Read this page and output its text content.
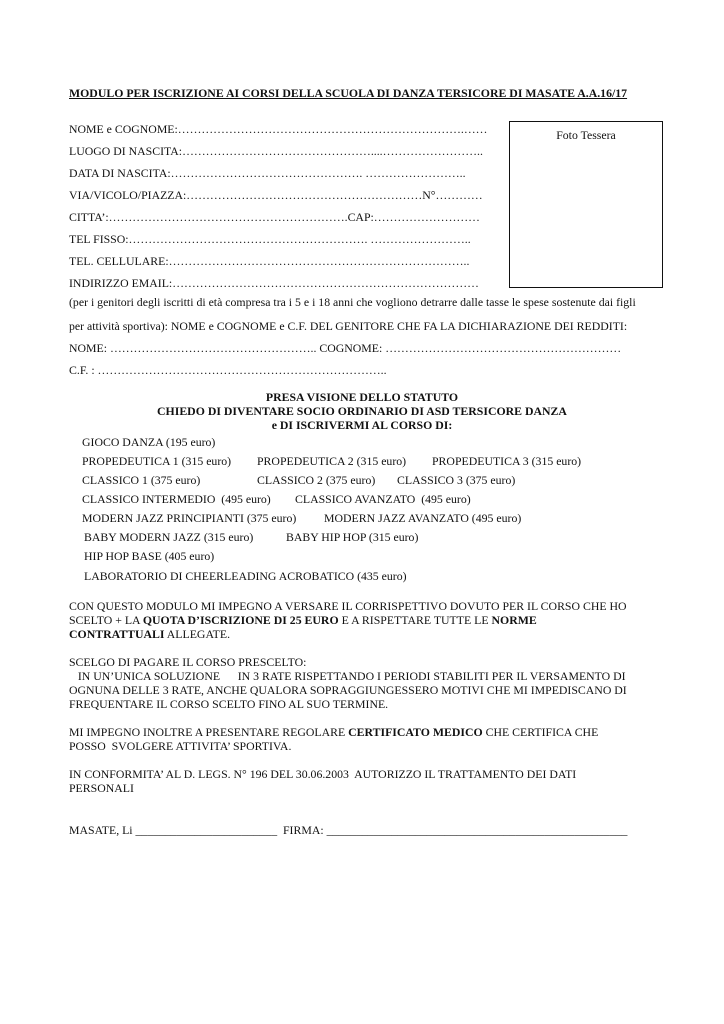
MODULO PER ISCRIZIONE AI CORSI DELLA SCUOLA DI DANZA TERSICORE DI MASATE A.A.16/17
Foto Tessera
NOME e COGNOME:……………………………………………………………….……
LUOGO DI NASCITA:…………………………………………....……………………..
DATA DI NASCITA:…………………………………………. ……………………..
VIA/VICOLO/PIAZZA:……………………………………………………N°…………
CITTA’:…………………………………………………….CAP:………………………
TEL FISSO:……………………………………………………. ……………………..
TEL. CELLULARE:…………………………………………………………………..
INDIRIZZO EMAIL:……………………………………………………………………
(per i genitori degli iscritti di età compresa tra i 5 e i 18 anni che vogliono detrarre dalle tasse le spese sostenute dai figli
per attività sportiva): NOME e COGNOME e C.F. DEL GENITORE CHE FA LA DICHIARAZIONE DEI REDDITI:
NOME: …………………………………………….. COGNOME: ……………………………………………………
C.F. : ………………………………………………………………..
PRESA VISIONE DELLO STATUTO
CHIEDO DI DIVENTARE SOCIO ORDINARIO DI ASD TERSICORE DANZA
e DI ISCRIVERMI AL CORSO DI:
GIOCO DANZA (195 euro)
PROPEDEUTICA 1 (315 euro) PROPEDEUTICA 2 (315 euro) PROPEDEUTICA 3 (315 euro)
CLASSICO 1 (375 euro)	CLASSICO 2 (375 euro) CLASSICO 3 (375 euro)
CLASSICO INTERMEDIO  (495 euro) CLASSICO AVANZATO  (495 euro)
MODERN JAZZ PRINCIPIANTI (375 euro) MODERN JAZZ AVANZATO (495 euro)
BABY MODERN JAZZ (315 euro)	BABY HIP HOP (315 euro)
HIP HOP BASE (405 euro)
LABORATORIO DI CHEERLEADING ACROBATICO (435 euro)
CON QUESTO MODULO MI IMPEGNO A VERSARE IL CORRISPETTIVO DOVUTO PER IL CORSO CHE HO
SCELTO + LA QUOTA D’ISCRIZIONE DI 25 EURO E A RISPETTARE TUTTE LE NORME
CONTRATTUALI ALLEGATE.
SCELGO DI PAGARE IL CORSO PRESCELTO:
IN UN’UNICA SOLUZIONE      IN 3 RATE RISPETTANDO I PERIODI STABILITI PER IL VERSAMENTO DI
OGNUNA DELLE 3 RATE, ANCHE QUALORA SOPRAGGIUNGESSERO MOTIVI CHE MI IMPEDISCANO DI
FREQUENTARE IL CORSO SCELTO FINO AL SUO TERMINE.
MI IMPEGNO INOLTRE A PRESENTARE REGOLARE CERTIFICATO MEDICO CHE CERTIFICA CHE
POSSO  SVOLGERE ATTIVITA’ SPORTIVA.
IN CONFORMITA’ AL D. LEGS. N° 196 DEL 30.06.2003  AUTORIZZO IL TRATTAMENTO DEI DATI
PERSONALI
MASATE, Li ________________________  FIRMA: ___________________________________________________
